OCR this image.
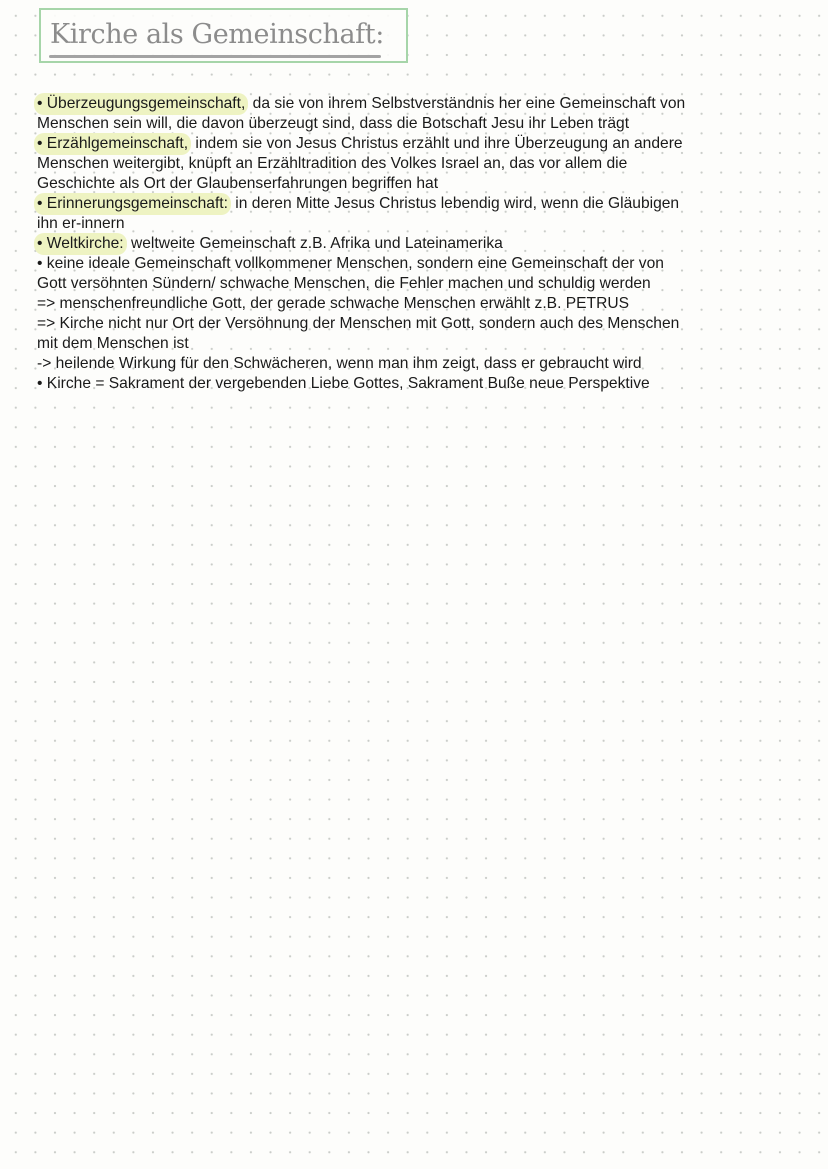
Kirche als Gemeinschaft:
• Überzeugungsgemeinschaft, da sie von ihrem Selbstverständnis her eine Gemeinschaft von
Menschen sein will, die davon überzeugt sind, dass die Botschaft Jesu ihr Leben trägt
• Erzählgemeinschaft, indem sie von Jesus Christus erzählt und ihre Überzeugung an andere
Menschen weitergibt, knüpft an Erzähltradition des Volkes Israel an, das vor allem die
Geschichte als Ort der Glaubenserfahrungen begriffen hat
• Erinnerungsgemeinschaft: in deren Mitte Jesus Christus lebendig wird, wenn die Gläubigen
ihn er-innern
• Weltkirche: weltweite Gemeinschaft z.B. Afrika und Lateinamerika
• keine ideale Gemeinschaft vollkommener Menschen, sondern eine Gemeinschaft der von
Gott versöhnten Sündern/ schwache Menschen, die Fehler machen und schuldig werden
=> menschenfreundliche Gott, der gerade schwache Menschen erwählt z.B. PETRUS
=> Kirche nicht nur Ort der Versöhnung der Menschen mit Gott, sondern auch des Menschen
mit dem Menschen ist
-> heilende Wirkung für den Schwächeren, wenn man ihm zeigt, dass er gebraucht wird
• Kirche = Sakrament der vergebenden Liebe Gottes, Sakrament Buße neue Perspektive
